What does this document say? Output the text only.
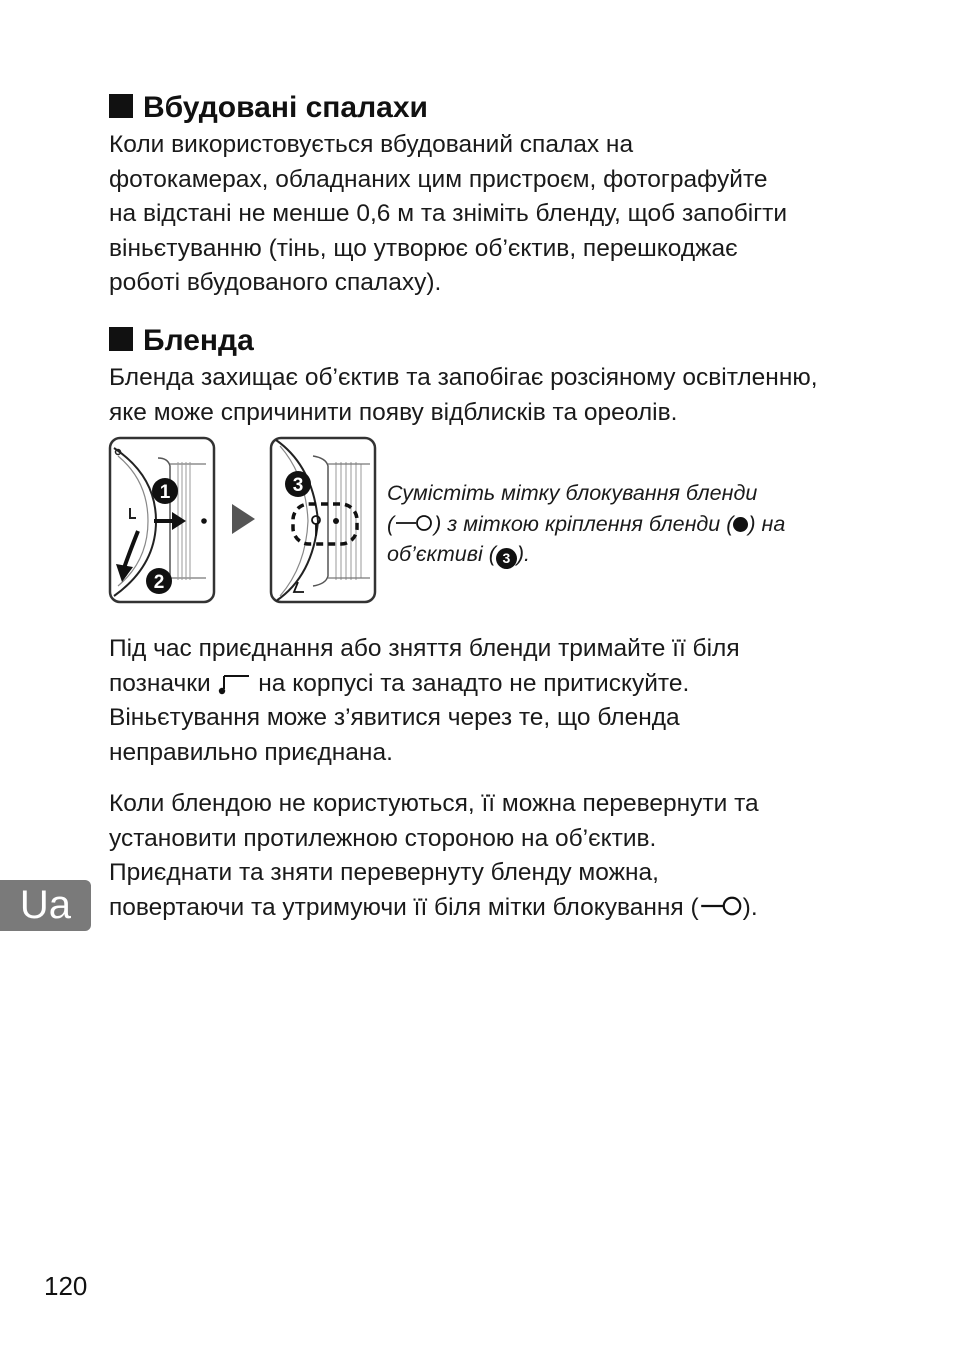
Вбудовані спалахи

Коли використовується вбудований спалах на
фотокамерах, обладнаних цим пристроєм, фотографуйте
на відстані не менше 0,6 м та зніміть бленду, щоб запобігти
віньєтуванню (тінь, що утворює об’єктив, перешкоджає
роботі вбудованого спалаху).

Бленда

Бленда захищає об’єктив та запобігає розсіяному освітленню,
яке може спричинити появу відблисків та ореолів.

1
2
3	Сумістіть мітку блокування бленди
( ) з міткою кріплення бленди ( ) на
об’єктиві ( 3 ).

Під час приєднання або зняття бленди тримайте її біля
позначки на корпусі та занадто не притискуйте.
Віньєтування може з’явитися через те, що бленда
неправильно приєднана.

Коли блендою не користуються, її можна перевернути та
установити протилежною стороною на об’єктив.
Приєднати та зняти перевернуту бленду можна,
повертаючи та утримуючи її біля мітки блокування ( ).

Ua
120
